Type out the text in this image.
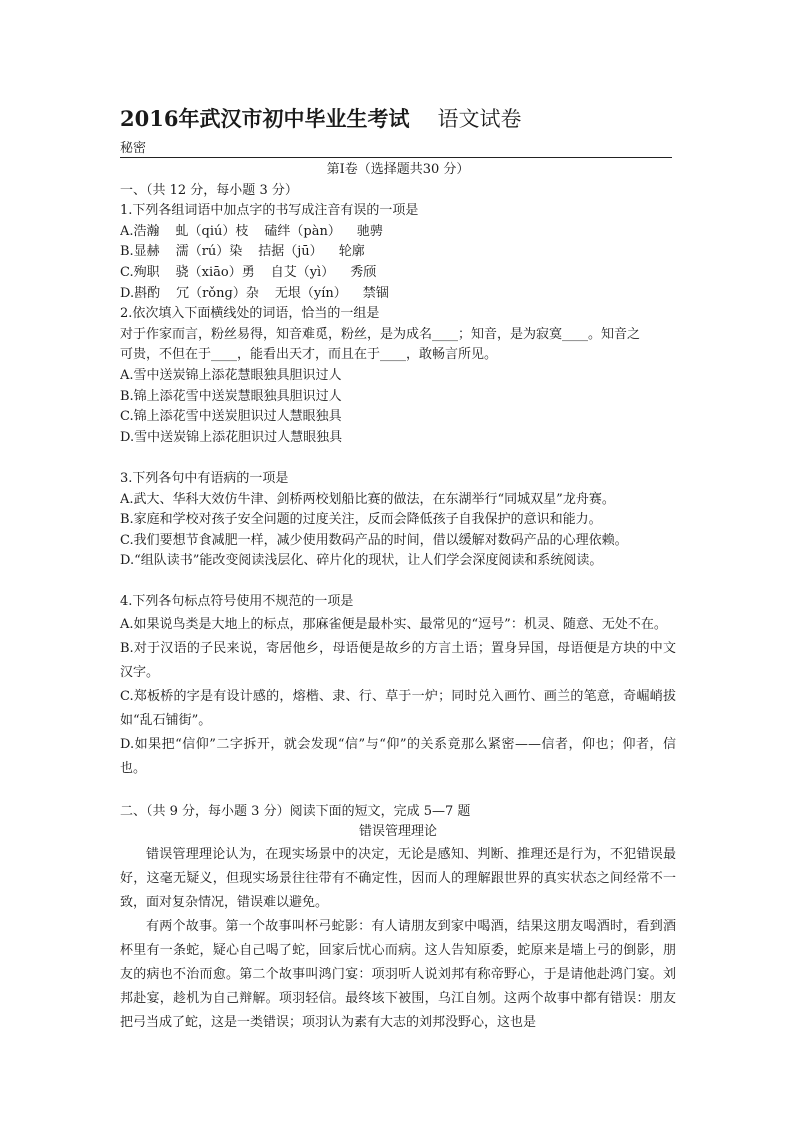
2016年武汉市初中毕业生考试 语文试卷
秘密
第Ⅰ卷（选择题共30 分）
一、（共 12 分，每小题 3 分）
1.下列各组词语中加点字的书写成注音有误的一项是
A.浩瀚 虬（qiú）枝 磕绊（pàn） 驰骋
B.显赫 濡（rú）染 拮据（jū） 轮廓
C.殉职 骁（xiāo）勇 自艾（yì） 秀颀
D.斟酌 冗（rǒnɡ）杂 无垠（yín） 禁锢
2.依次填入下面横线处的词语，恰当的一组是
对于作家而言，粉丝易得，知音难觅，粉丝，是为成名____；知音，是为寂寞____。知音之
可贵，不但在于____，能看出天才，而且在于____，敢畅言所见。
A.雪中送炭锦上添花慧眼独具胆识过人
B.锦上添花雪中送炭慧眼独具胆识过人
C.锦上添花雪中送炭胆识过人慧眼独具
D.雪中送炭锦上添花胆识过人慧眼独具
3.下列各句中有语病的一项是
A.武大、华科大效仿牛津、剑桥两校划船比赛的做法，在东湖举行“同城双星”龙舟赛。
B.家庭和学校对孩子安全问题的过度关注，反而会降低孩子自我保护的意识和能力。
C.我们要想节食减肥一样，减少使用数码产品的时间，借以缓解对数码产品的心理依赖。
D.“组队读书”能改变阅读浅层化、碎片化的现状，让人们学会深度阅读和系统阅读。
4.下列各句标点符号使用不规范的一项是

A.如果说鸟类是大地上的标点，那麻雀便是最朴实、最常见的“逗号”：机灵、随意、无处不在。

B.对于汉语的子民来说，寄居他乡，母语便是故乡的方言土语；置身异国，母语便是方块的中文汉字。

C.郑板桥的字是有设计感的，熔楷、隶、行、草于一炉；同时兑入画竹、画兰的笔意，奇崛峭拔如“乱石铺街”。

D.如果把“信仰”二字拆开，就会发现“信”与“仰”的关系竟那么紧密——信者，仰也；仰者，信也。

二、（共 9 分，每小题 3 分）阅读下面的短文，完成 5—7 题
错误管理理论

错误管理理论认为，在现实场景中的决定，无论是感知、判断、推理还是行为，不犯错误最好，这毫无疑义，但现实场景往往带有不确定性，因而人的理解跟世界的真实状态之间经常不一致，面对复杂情况，错误难以避免。

有两个故事。第一个故事叫杯弓蛇影：有人请朋友到家中喝酒，结果这朋友喝酒时，看到酒杯里有一条蛇，疑心自己喝了蛇，回家后忧心而病。这人告知原委，蛇原来是墙上弓的倒影，朋友的病也不治而愈。第二个故事叫鸿门宴：项羽听人说刘邦有称帝野心，于是请他赴鸿门宴。刘邦赴宴，趁机为自己辩解。项羽轻信。最终垓下被围，乌江自刎。这两个故事中都有错误：朋友把弓当成了蛇，这是一类错误；项羽认为素有大志的刘邦没野心，这也是
